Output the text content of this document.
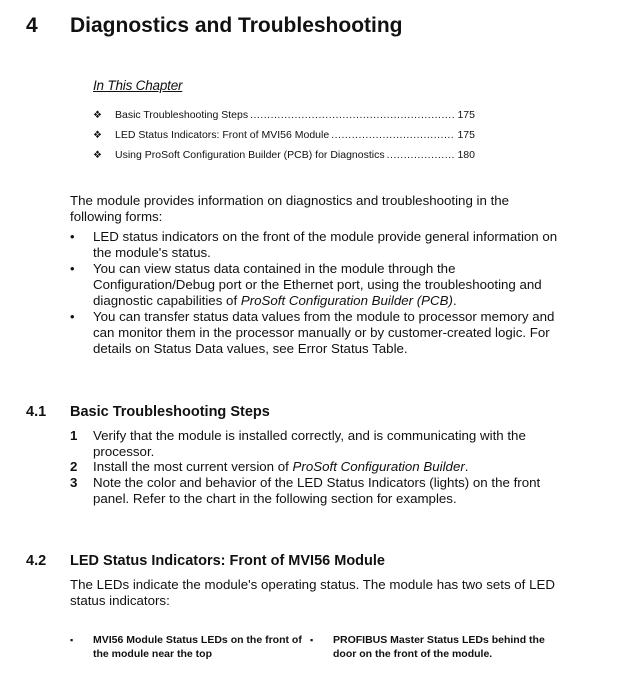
4 Diagnostics and Troubleshooting
In This Chapter
❖	Basic Troubleshooting Steps .....	175
❖	LED Status Indicators: Front of MVI56 Module .....	175
❖	Using ProSoft Configuration Builder (PCB) for Diagnostics .....	180
The module provides information on diagnostics and troubleshooting in the following forms:
• LED status indicators on the front of the module provide general information on the module's status.
• You can view status data contained in the module through the Configuration/Debug port or the Ethernet port, using the troubleshooting and diagnostic capabilities of ProSoft Configuration Builder (PCB).
• You can transfer status data values from the module to processor memory and can monitor them in the processor manually or by customer-created logic. For details on Status Data values, see Error Status Table.
4.1 Basic Troubleshooting Steps
1 Verify that the module is installed correctly, and is communicating with the processor.
2 Install the most current version of ProSoft Configuration Builder.
3 Note the color and behavior of the LED Status Indicators (lights) on the front panel. Refer to the chart in the following section for examples.
4.2 LED Status Indicators: Front of MVI56 Module
The LEDs indicate the module's operating status. The module has two sets of LED status indicators:
▪ MVI56 Module Status LEDs on the front of the module near the top
▪ PROFIBUS Master Status LEDs behind the door on the front of the module.
